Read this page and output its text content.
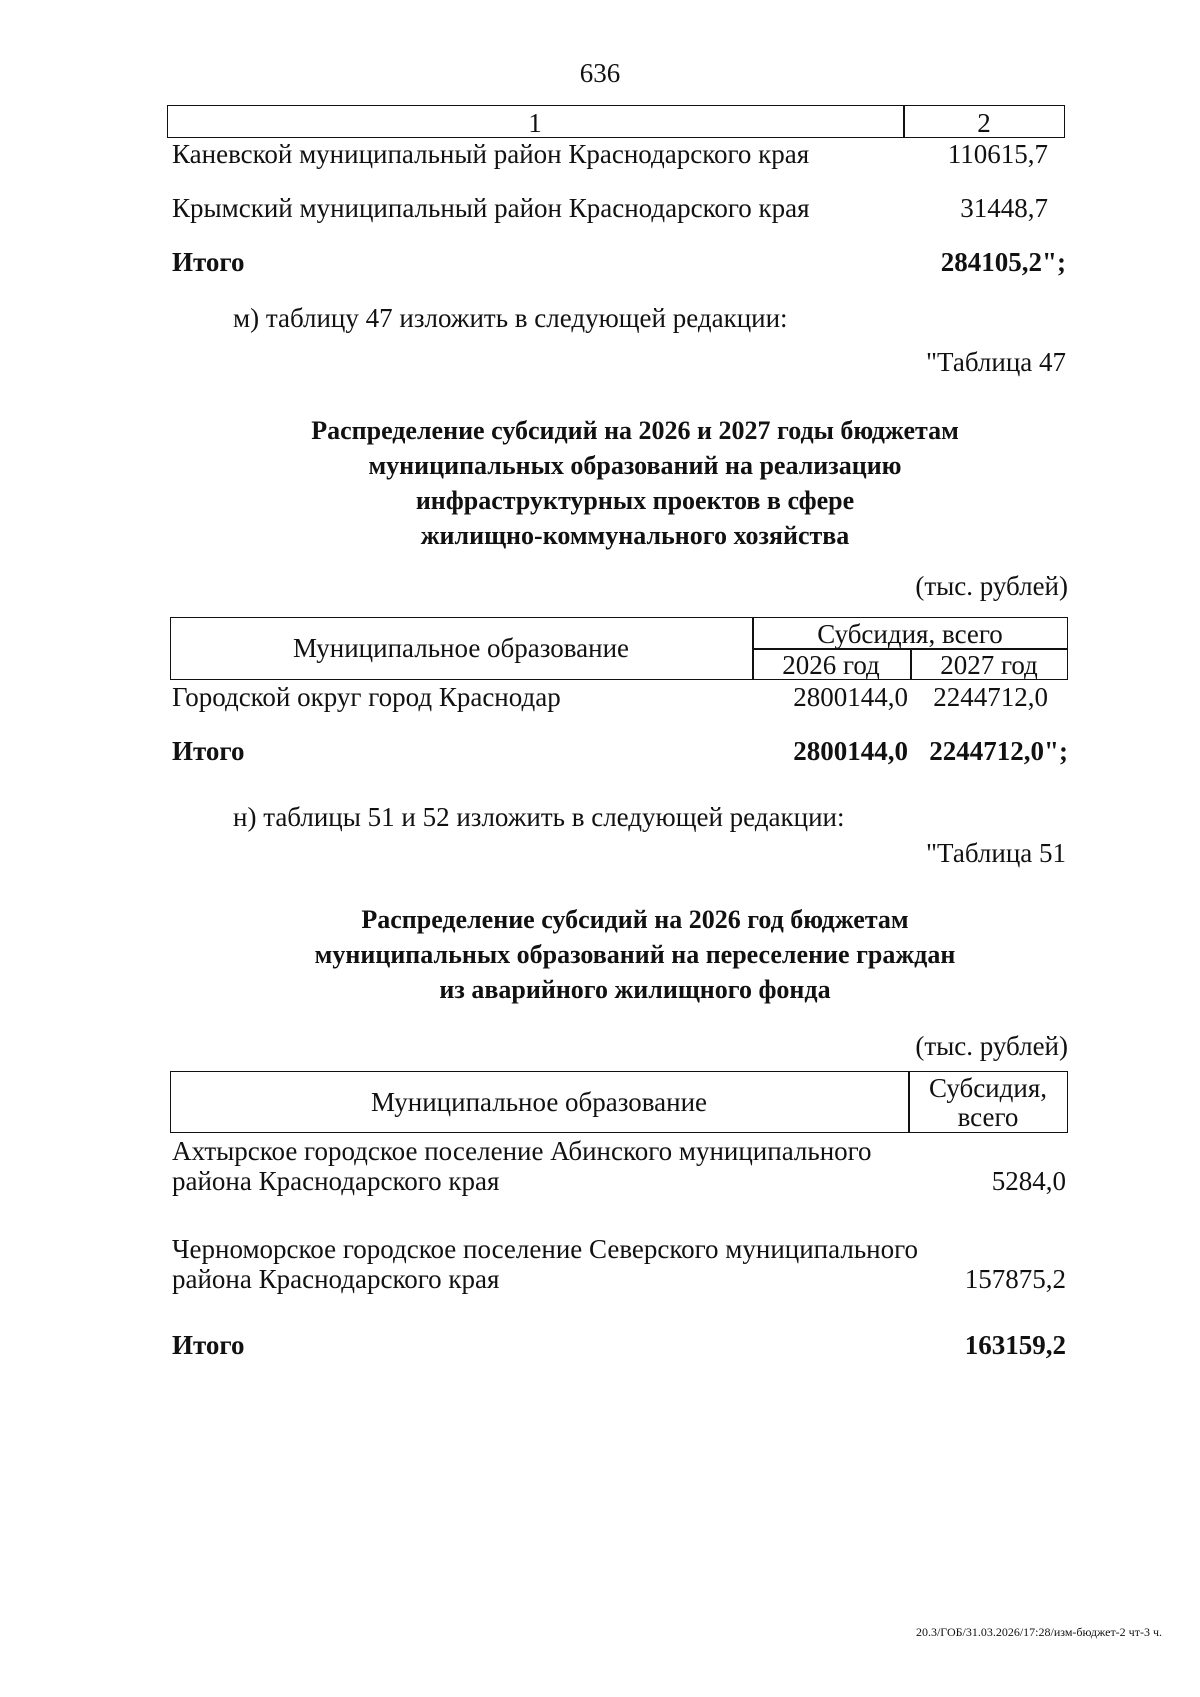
636
1	2
Каневской муниципальный район Краснодарского края	110615,7
Крымский муниципальный район Краснодарского края	31448,7
Итого	284105,2";
м) таблицу 47 изложить в следующей редакции:
"Таблица 47
Распределение субсидий на 2026 и 2027 годы бюджетам
муниципальных образований на реализацию
инфраструктурных проектов в сфере
жилищно-коммунального хозяйства
(тыс. рублей)
Муниципальное образование	Субсидия, всего
2026 год	2027 год
Городской округ город Краснодар	2800144,0 2244712,0
Итого	2800144,0 2244712,0";
н) таблицы 51 и 52 изложить в следующей редакции:
"Таблица 51
Распределение субсидий на 2026 год бюджетам
муниципальных образований на переселение граждан
из аварийного жилищного фонда
(тыс. рублей)
Муниципальное образование	Субсидия,
всего
Ахтырское городское поселение Абинского муниципального
района Краснодарского края	5284,0
Черноморское городское поселение Северского муниципального
района Краснодарского края	157875,2
Итого	163159,2
20.3/ГОБ/31.03.2026/17:28/изм-бюджет-2 чт-3 ч.
